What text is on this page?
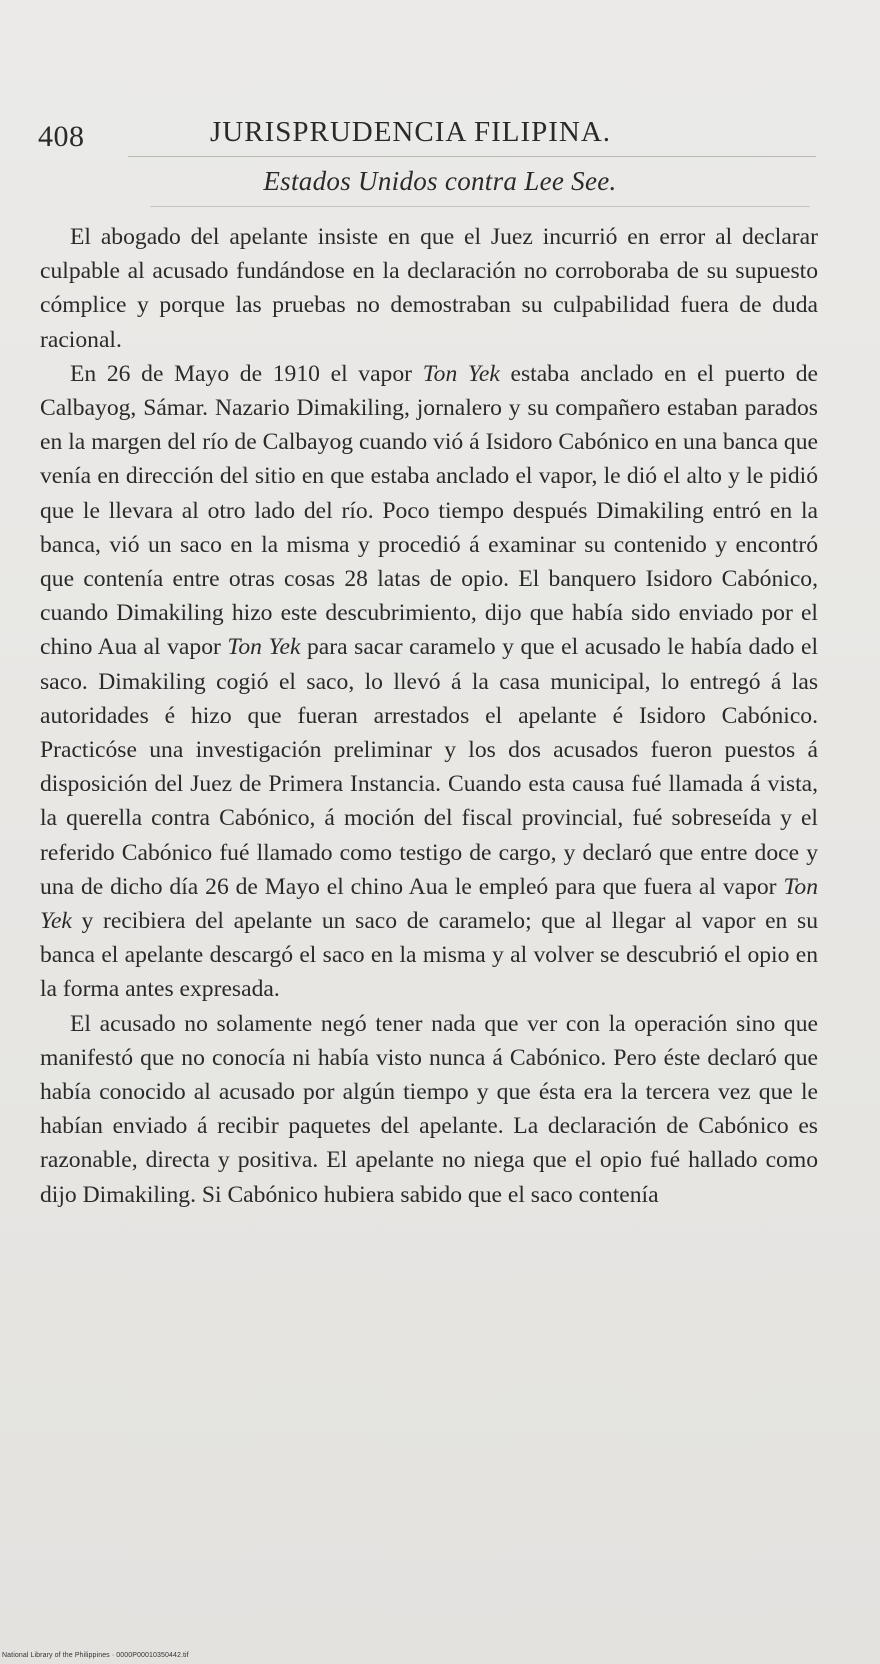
408	JURISPRUDENCIA FILIPINA.
Estados Unidos contra Lee See.

El abogado del apelante insiste en que el Juez incurrió en error al declarar culpable al acusado fundándose en la declaración no corroboraba de su supuesto cómplice y porque las pruebas no demostraban su culpabilidad fuera de duda racional.

En 26 de Mayo de 1910 el vapor Ton Yek estaba anclado en el puerto de Calbayog, Sámar. Nazario Dimakiling, jornalero y su compañero estaban parados en la margen del río de Calbayog cuando vió á Isidoro Cabónico en una banca que venía en dirección del sitio en que estaba anclado el vapor, le dió el alto y le pidió que le llevara al otro lado del río. Poco tiempo después Dimakiling entró en la banca, vió un saco en la misma y procedió á examinar su contenido y encontró que contenía entre otras cosas 28 latas de opio. El banquero Isidoro Cabónico, cuando Dimakiling hizo este descubrimiento, dijo que había sido enviado por el chino Aua al vapor Ton Yek para sacar caramelo y que el acusado le había dado el saco. Dimakiling cogió el saco, lo llevó á la casa municipal, lo entregó á las autoridades é hizo que fueran arrestados el apelante é Isidoro Cabónico. Practicóse una investigación preliminar y los dos acusados fueron puestos á disposición del Juez de Primera Instancia. Cuando esta causa fué llamada á vista, la querella contra Cabónico, á moción del fiscal provincial, fué sobreseída y el referido Cabónico fué llamado como testigo de cargo, y declaró que entre doce y una de dicho día 26 de Mayo el chino Aua le empleó para que fuera al vapor Ton Yek y recibiera del apelante un saco de caramelo; que al llegar al vapor en su banca el apelante descargó el saco en la misma y al volver se descubrió el opio en la forma antes expresada.

El acusado no solamente negó tener nada que ver con la operación sino que manifestó que no conocía ni había visto nunca á Cabónico. Pero éste declaró que había conocido al acusado por algún tiempo y que ésta era la tercera vez que le habían enviado á recibir paquetes del apelante. La declaración de Cabónico es razonable, directa y positiva. El apelante no niega que el opio fué hallado como dijo Dimakiling. Si Cabónico hubiera sabido que el saco contenía

National Library of the Philippines · 0000P00010350442.tif
